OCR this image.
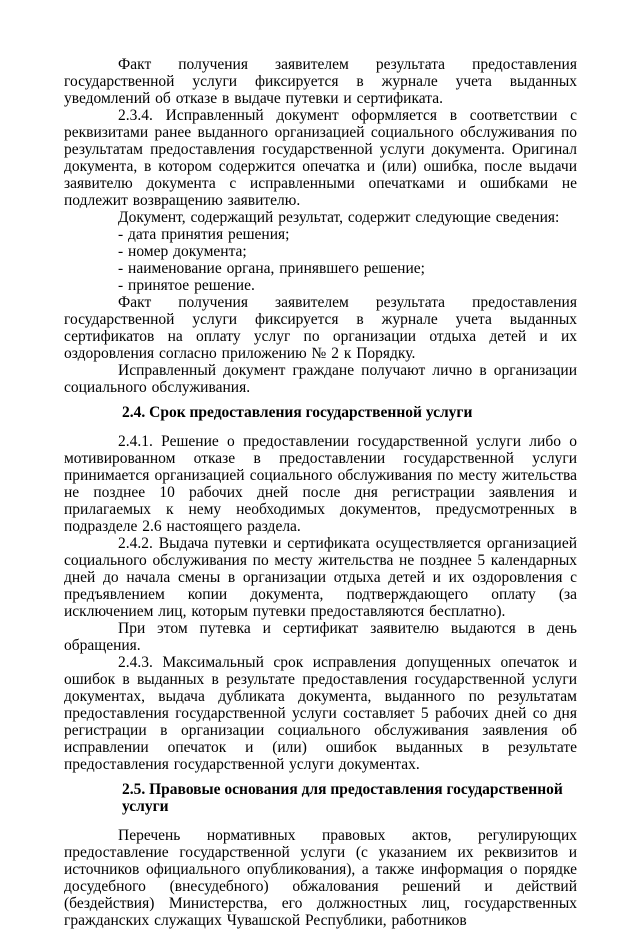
Факт получения заявителем результата предоставления государственной услуги фиксируется в журнале учета выданных уведомлений об отказе в выдаче путевки и сертификата.

2.3.4. Исправленный документ оформляется в соответствии с реквизитами ранее выданного организацией социального обслуживания по результатам предоставления государственной услуги документа. Оригинал документа, в котором содержится опечатка и (или) ошибка, после выдачи заявителю документа с исправленными опечатками и ошибками не подлежит возвращению заявителю.

Документ, содержащий результат, содержит следующие сведения:

- дата принятия решения;

- номер документа;

- наименование органа, принявшего решение;

- принятое решение.

Факт получения заявителем результата предоставления государственной услуги фиксируется в журнале учета выданных сертификатов на оплату услуг по организации отдыха детей и их оздоровления согласно приложению № 2 к Порядку.

Исправленный документ граждане получают лично в организации социального обслуживания.

2.4. Срок предоставления государственной услуги

2.4.1. Решение о предоставлении государственной услуги либо о мотивированном отказе в предоставлении государственной услуги принимается организацией социального обслуживания по месту жительства не позднее 10 рабочих дней после дня регистрации заявления и прилагаемых к нему необходимых документов, предусмотренных в подразделе 2.6 настоящего раздела.

2.4.2. Выдача путевки и сертификата осуществляется организацией социального обслуживания по месту жительства не позднее 5 календарных дней до начала смены в организации отдыха детей и их оздоровления с предъявлением копии документа, подтверждающего оплату (за исключением лиц, которым путевки предоставляются бесплатно).

При этом путевка и сертификат заявителю выдаются в день обращения.

2.4.3. Максимальный срок исправления допущенных опечаток и ошибок в выданных в результате предоставления государственной услуги документах, выдача дубликата документа, выданного по результатам предоставления государственной услуги составляет 5 рабочих дней со дня регистрации в организации социального обслуживания заявления об исправлении опечаток и (или) ошибок выданных в результате предоставления государственной услуги документах.

2.5. Правовые основания для предоставления государственной услуги

Перечень нормативных правовых актов, регулирующих предоставление государственной услуги (с указанием их реквизитов и источников официального опубликования), а также информация о порядке досудебного (внесудебного) обжалования решений и действий (бездействия) Министерства, его должностных лиц, государственных гражданских служащих Чувашской Республики, работников
